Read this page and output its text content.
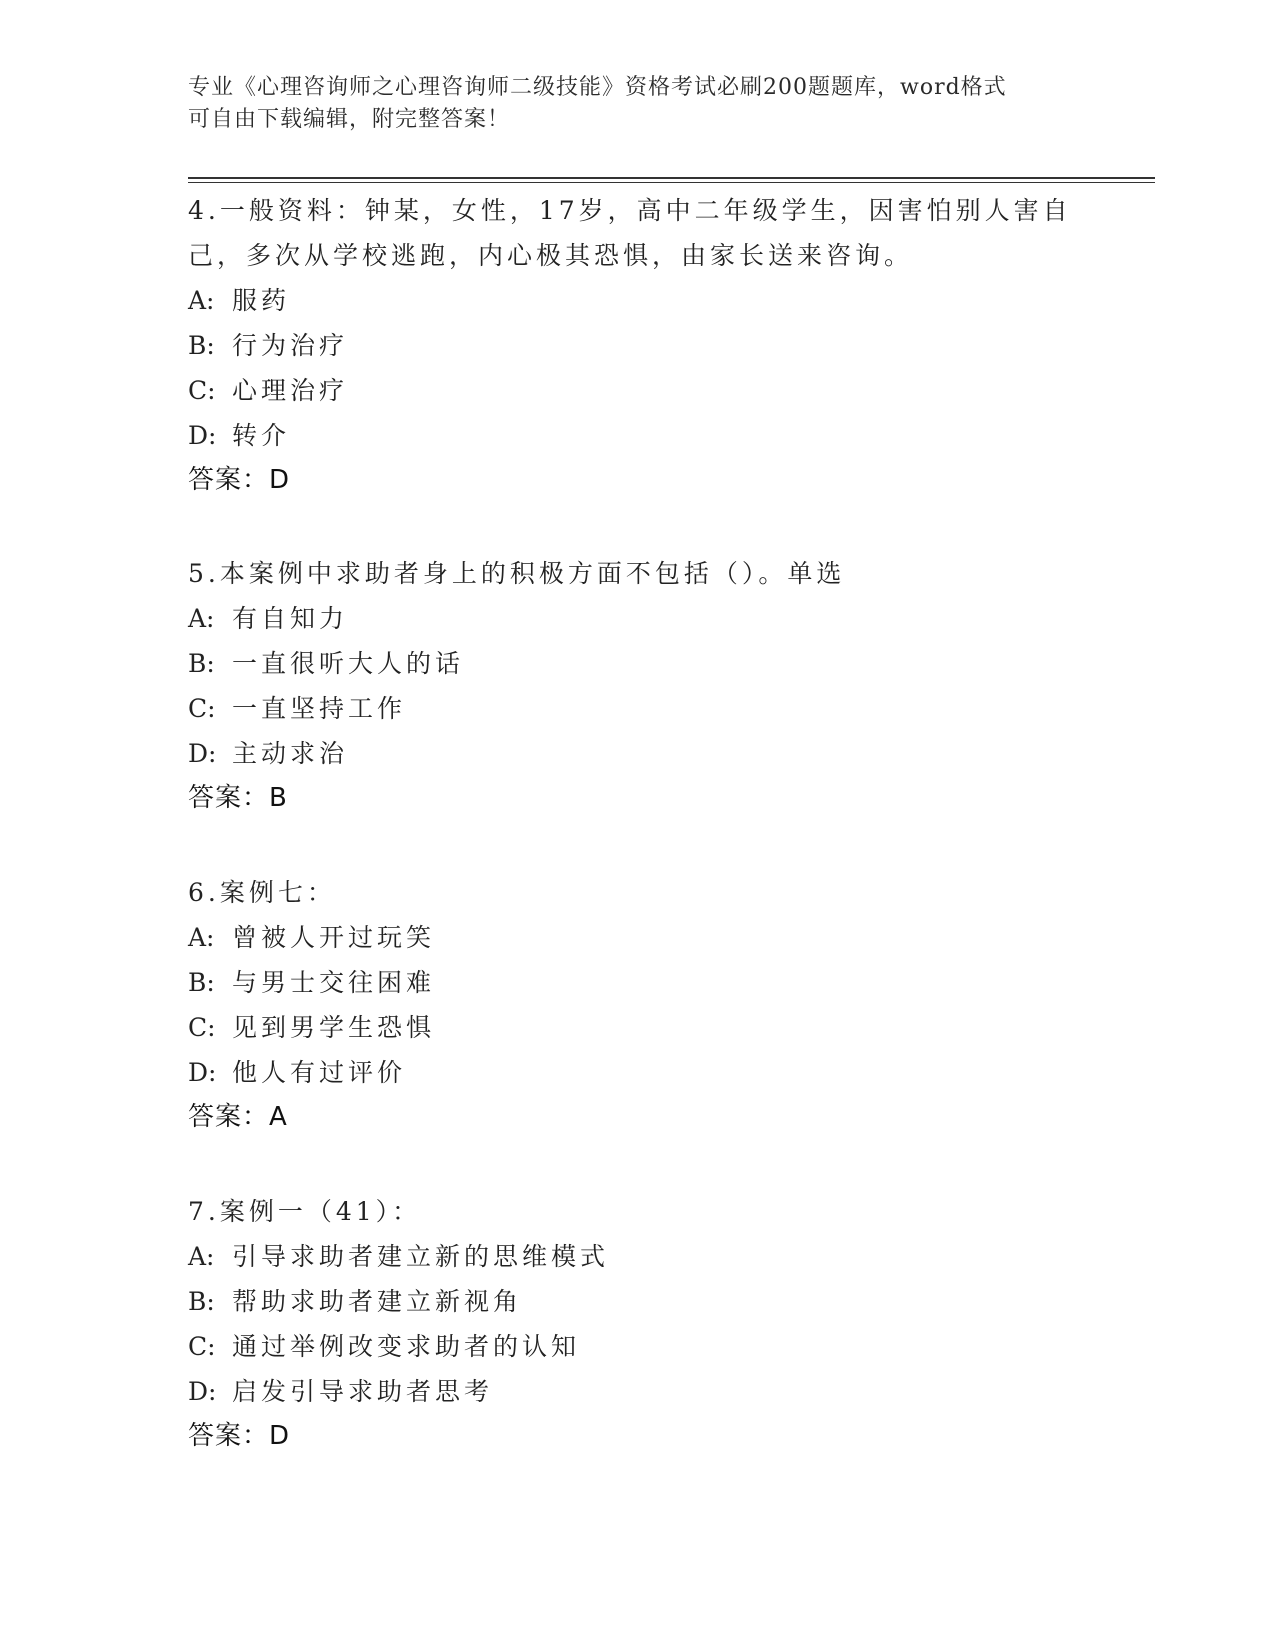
专业《心理咨询师之心理咨询师二级技能》资格考试必刷200题题库，word格式
可自由下载编辑，附完整答案！
4.一般资料：钟某，女性，17岁，高中二年级学生，因害怕别人害自
己，多次从学校逃跑，内心极其恐惧，由家长送来咨询。
A: 服药
B: 行为治疗
C: 心理治疗
D: 转介
答案：D
5.本案例中求助者身上的积极方面不包括（）。单选
A: 有自知力
B: 一直很听大人的话
C: 一直坚持工作
D: 主动求治
答案：B
6.案例七：
A: 曾被人开过玩笑
B: 与男士交往困难
C: 见到男学生恐惧
D: 他人有过评价
答案：A
7.案例一（41）：
A: 引导求助者建立新的思维模式
B: 帮助求助者建立新视角
C: 通过举例改变求助者的认知
D: 启发引导求助者思考
答案：D
